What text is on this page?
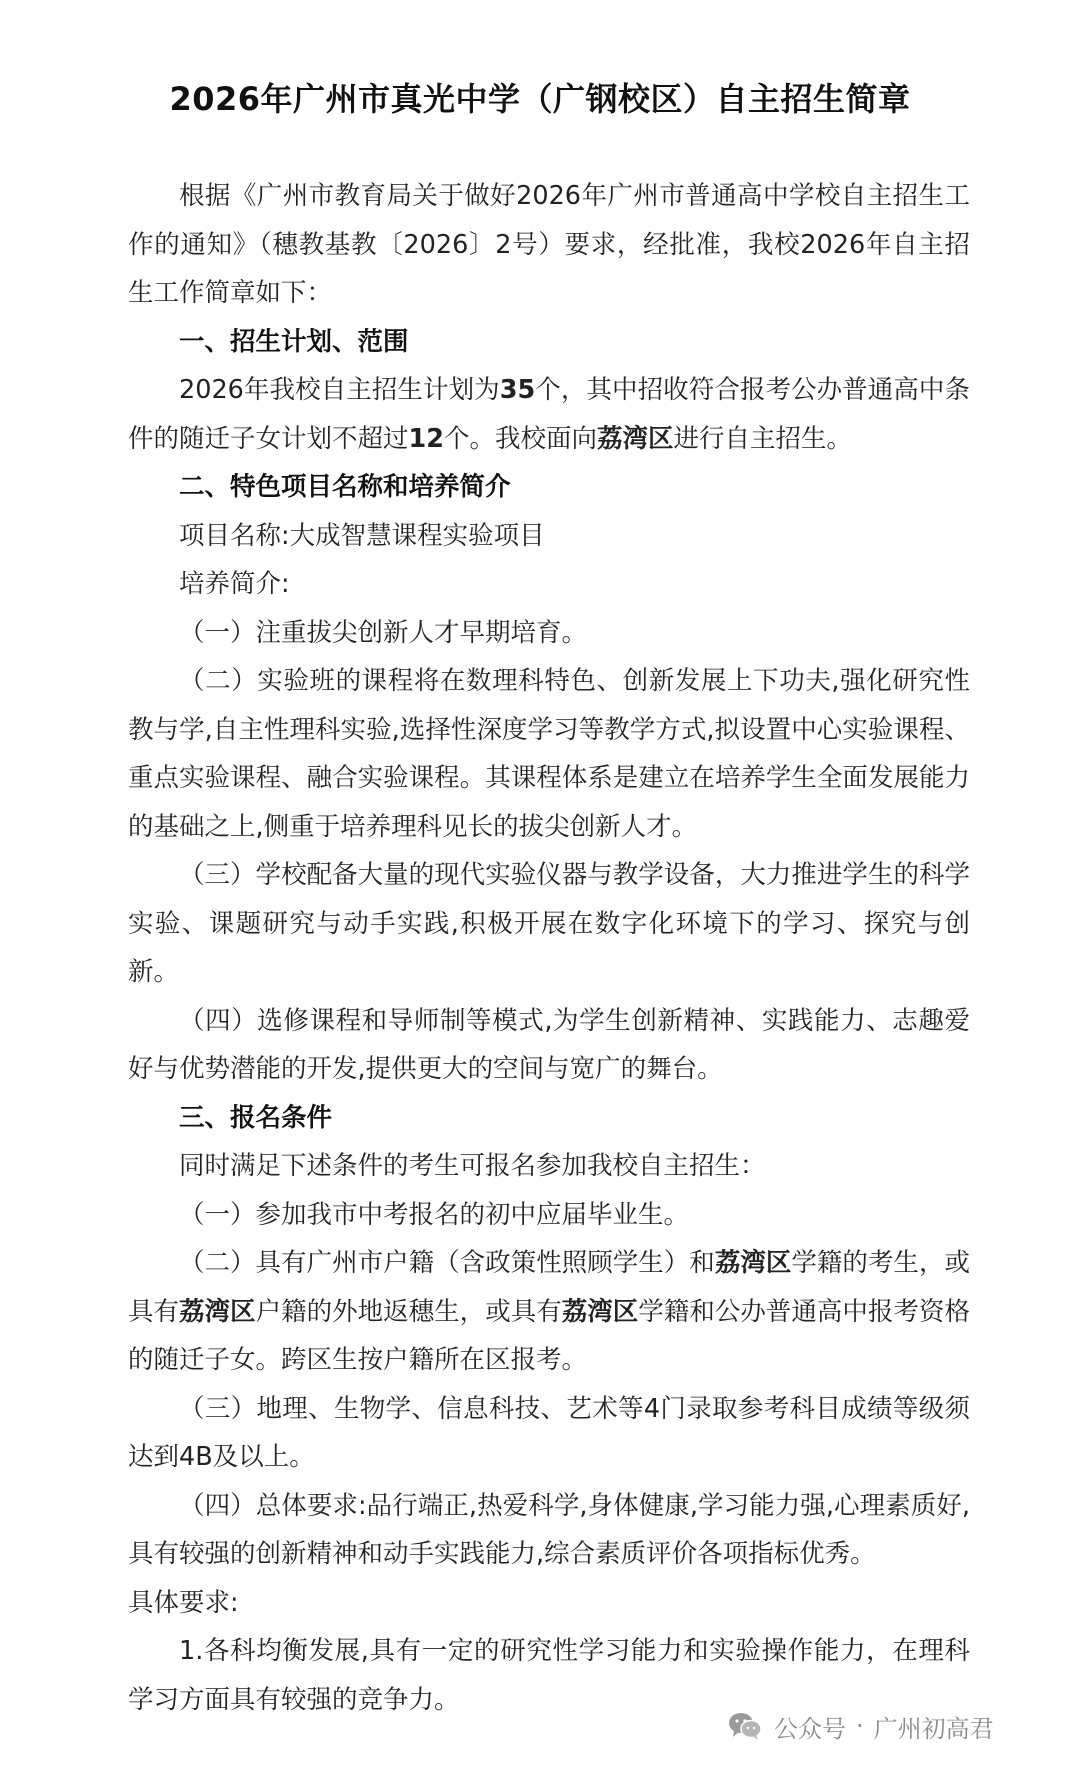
2026年广州市真光中学（广钢校区）自主招生简章

根据《广州市教育局关于做好2026年广州市普通高中学校自主招生工作的通知》（穗教基教〔2026〕2号）要求，经批准，我校2026年自主招生工作简章如下：

一、招生计划、范围

2026年我校自主招生计划为35个，其中招收符合报考公办普通高中条件的随迁子女计划不超过12个。我校面向荔湾区进行自主招生。

二、特色项目名称和培养简介

项目名称:大成智慧课程实验项目

培养简介:

（一）注重拔尖创新人才早期培育。

（二）实验班的课程将在数理科特色、创新发展上下功夫,强化研究性教与学,自主性理科实验,选择性深度学习等教学方式,拟设置中心实验课程、重点实验课程、融合实验课程。其课程体系是建立在培养学生全面发展能力的基础之上,侧重于培养理科见长的拔尖创新人才。

（三）学校配备大量的现代实验仪器与教学设备，大力推进学生的科学实验、课题研究与动手实践,积极开展在数字化环境下的学习、探究与创新。

（四）选修课程和导师制等模式,为学生创新精神、实践能力、志趣爱好与优势潜能的开发,提供更大的空间与宽广的舞台。

三、报名条件

同时满足下述条件的考生可报名参加我校自主招生：

（一）参加我市中考报名的初中应届毕业生。

（二）具有广州市户籍（含政策性照顾学生）和荔湾区学籍的考生，或具有荔湾区户籍的外地返穗生，或具有荔湾区学籍和公办普通高中报考资格的随迁子女。跨区生按户籍所在区报考。

（三）地理、生物学、信息科技、艺术等4门录取参考科目成绩等级须达到4B及以上。

（四）总体要求:品行端正,热爱科学,身体健康,学习能力强,心理素质好,具有较强的创新精神和动手实践能力,综合素质评价各项指标优秀。

具体要求:

1.各科均衡发展,具有一定的研究性学习能力和实验操作能力，在理科学习方面具有较强的竞争力。

公众号 · 广州初高君
